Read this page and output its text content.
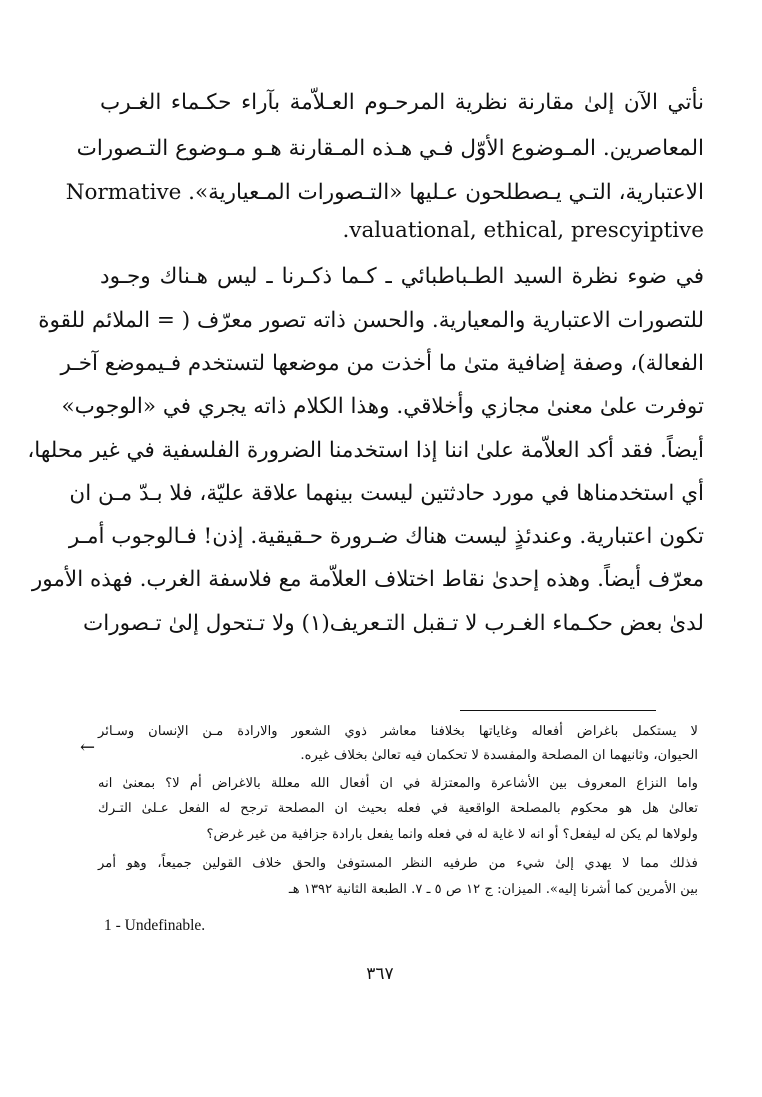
نأتي الآن إلىٰ مقارنة نظرية المرحـوم العـلاّمة بآراء حكـماء الغـرب
المعاصرين. المـوضوع الأوّل فـي هـذه المـقارنة هـو مـوضوع التـصورات
الاعتبارية، التـي يـصطلحون عـليها «التـصورات المـعيارية». Normative
valuational, ethical, prescyiptive.
في ضوء نظرة السيد الطـباطبائي ـ كـما ذكـرنا ـ ليس هـناك وجـود
للتصورات الاعتبارية والمعيارية. والحسن ذاته تصور معرّف ( = الملائم للقوة
الفعالة)، وصفة إضافية متىٰ ما أخذت من موضعها لتستخدم فـيموضع آخـر
توفرت علىٰ معنىٰ مجازي وأخلاقي. وهذا الكلام ذاته يجري في «الوجوب»
أيضاً. فقد أكد العلاّمة علىٰ اننا إذا استخدمنا الضرورة الفلسفية في غير محلها،
أي استخدمناها في مورد حادثتين ليست بينهما علاقة عليّة، فلا بـدّ مـن ان
تكون اعتبارية. وعندئذٍ ليست هناك ضـرورة حـقيقية. إذن! فـالوجوب أمـر
معرّف أيضاً. وهذه إحدىٰ نقاط اختلاف العلاّمة مع فلاسفة الغرب. فهذه الأمور
لدىٰ بعض حكـماء الغـرب لا تـقبل التـعريف(١) ولا تـتحول إلىٰ تـصورات
←
لا يستكمل باغراض أفعاله وغاياتها بخلافنا معاشر ذوي الشعور والارادة مـن الإنسان وسـائر
الحيوان، وثانيهما ان المصلحة والمفسدة لا تحكمان فيه تعالىٰ بخلاف غيره.
واما النزاع المعروف بين الأشاعرة والمعتزلة في ان أفعال الله معللة بالاغراض أم لا؟ بمعنىٰ انه
تعالىٰ هل هو محكوم بالمصلحة الواقعية في فعله بحيث ان المصلحة ترجح له الفعل عـلىٰ التـرك
ولولاها لم يكن له ليفعل؟ أو انه لا غاية له في فعله وانما يفعل بارادة جزافية من غير غرض؟
فذلك مما لا يهدي إلىٰ شيء من طرفيه النظر المستوفىٰ والحق خلاف القولين جميعاً، وهو أمر
بين الأمرين كما أشرنا إليه». الميزان: ج ١٢ ص ٥ ـ ٧. الطبعة الثانية ١٣٩٢ هـ
1 - Undefinable.
٣٦٧
